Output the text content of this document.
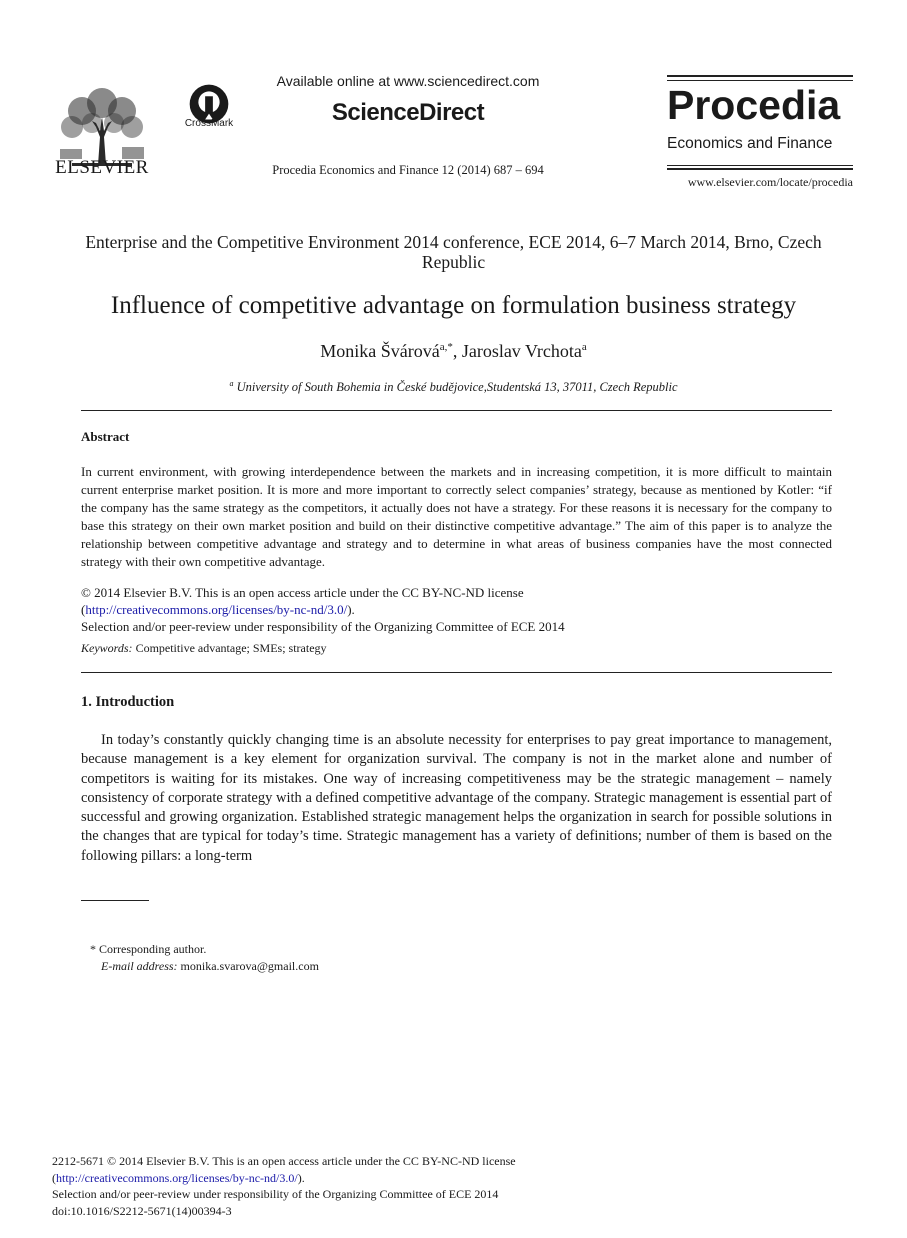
ELSEVIER
CrossMark
Available online at www.sciencedirect.com
ScienceDirect
Procedia Economics and Finance 12 (2014) 687 – 694
Procedia
Economics and Finance
www.elsevier.com/locate/procedia
Enterprise and the Competitive Environment 2014 conference, ECE 2014, 6–7 March 2014, Brno, Czech Republic
Influence of competitive advantage on formulation business strategy
Monika Švárová$^{a,*}$, Jaroslav Vrchota$^a$
$^a$ University of South Bohemia in České budějovice,Studentská 13, 37011, Czech Republic
Abstract
In current environment, with growing interdependence between the markets and in increasing competition, it is more difficult to maintain current enterprise market position. It is more and more important to correctly select companies’ strategy, because as mentioned by Kotler: “if the company has the same strategy as the competitors, it actually does not have a strategy. For these reasons it is necessary for the company to base this strategy on their own market position and build on their distinctive competitive advantage.” The aim of this paper is to analyze the relationship between competitive advantage and strategy and to determine in what areas of business companies have the most connected strategy with their own competitive advantage.
© 2014 Elsevier B.V. This is an open access article under the CC BY-NC-ND license
(http://creativecommons.org/licenses/by-nc-nd/3.0/).
Selection and/or peer-review under responsibility of the Organizing Committee of ECE 2014
Keywords: Competitive advantage; SMEs; strategy
1. Introduction
In today’s constantly quickly changing time is an absolute necessity for enterprises to pay great importance to management, because management is a key element for organization survival. The company is not in the market alone and number of competitors is waiting for its mistakes. One way of increasing competitiveness may be the strategic management – namely consistency of corporate strategy with a defined competitive advantage of the company. Strategic management is essential part of successful and growing organization. Established strategic management helps the organization in search for possible solutions in the changes that are typical for today’s time. Strategic management has a variety of definitions; number of them is based on the following pillars: a long-term
* Corresponding author.
E-mail address: monika.svarova@gmail.com
2212-5671 © 2014 Elsevier B.V. This is an open access article under the CC BY-NC-ND license
(http://creativecommons.org/licenses/by-nc-nd/3.0/).
Selection and/or peer-review under responsibility of the Organizing Committee of ECE 2014
doi:10.1016/S2212-5671(14)00394-3
